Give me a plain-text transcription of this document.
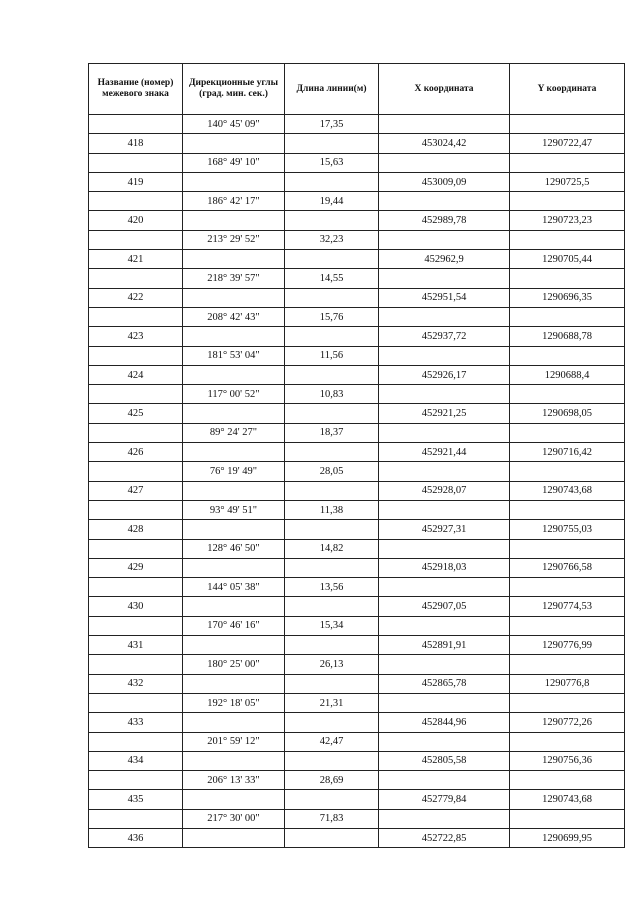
Название (номер) межевого знака	Дирекционные углы (град. мин. сек.)	Длина линии(м)	X координата	Y координата
	140° 45' 09"	17,35		
418			453024,42	1290722,47
	168° 49' 10"	15,63		
419			453009,09	1290725,5
	186° 42' 17"	19,44		
420			452989,78	1290723,23
	213° 29' 52"	32,23		
421			452962,9	1290705,44
	218° 39' 57"	14,55		
422			452951,54	1290696,35
	208° 42' 43"	15,76		
423			452937,72	1290688,78
	181° 53' 04"	11,56		
424			452926,17	1290688,4
	117° 00' 52"	10,83		
425			452921,25	1290698,05
	89° 24' 27"	18,37		
426			452921,44	1290716,42
	76° 19' 49"	28,05		
427			452928,07	1290743,68
	93° 49' 51"	11,38		
428			452927,31	1290755,03
	128° 46' 50"	14,82		
429			452918,03	1290766,58
	144° 05' 38"	13,56		
430			452907,05	1290774,53
	170° 46' 16"	15,34		
431			452891,91	1290776,99
	180° 25' 00"	26,13		
432			452865,78	1290776,8
	192° 18' 05"	21,31		
433			452844,96	1290772,26
	201° 59' 12"	42,47		
434			452805,58	1290756,36
	206° 13' 33"	28,69		
435			452779,84	1290743,68
	217° 30' 00"	71,83		
436			452722,85	1290699,95
